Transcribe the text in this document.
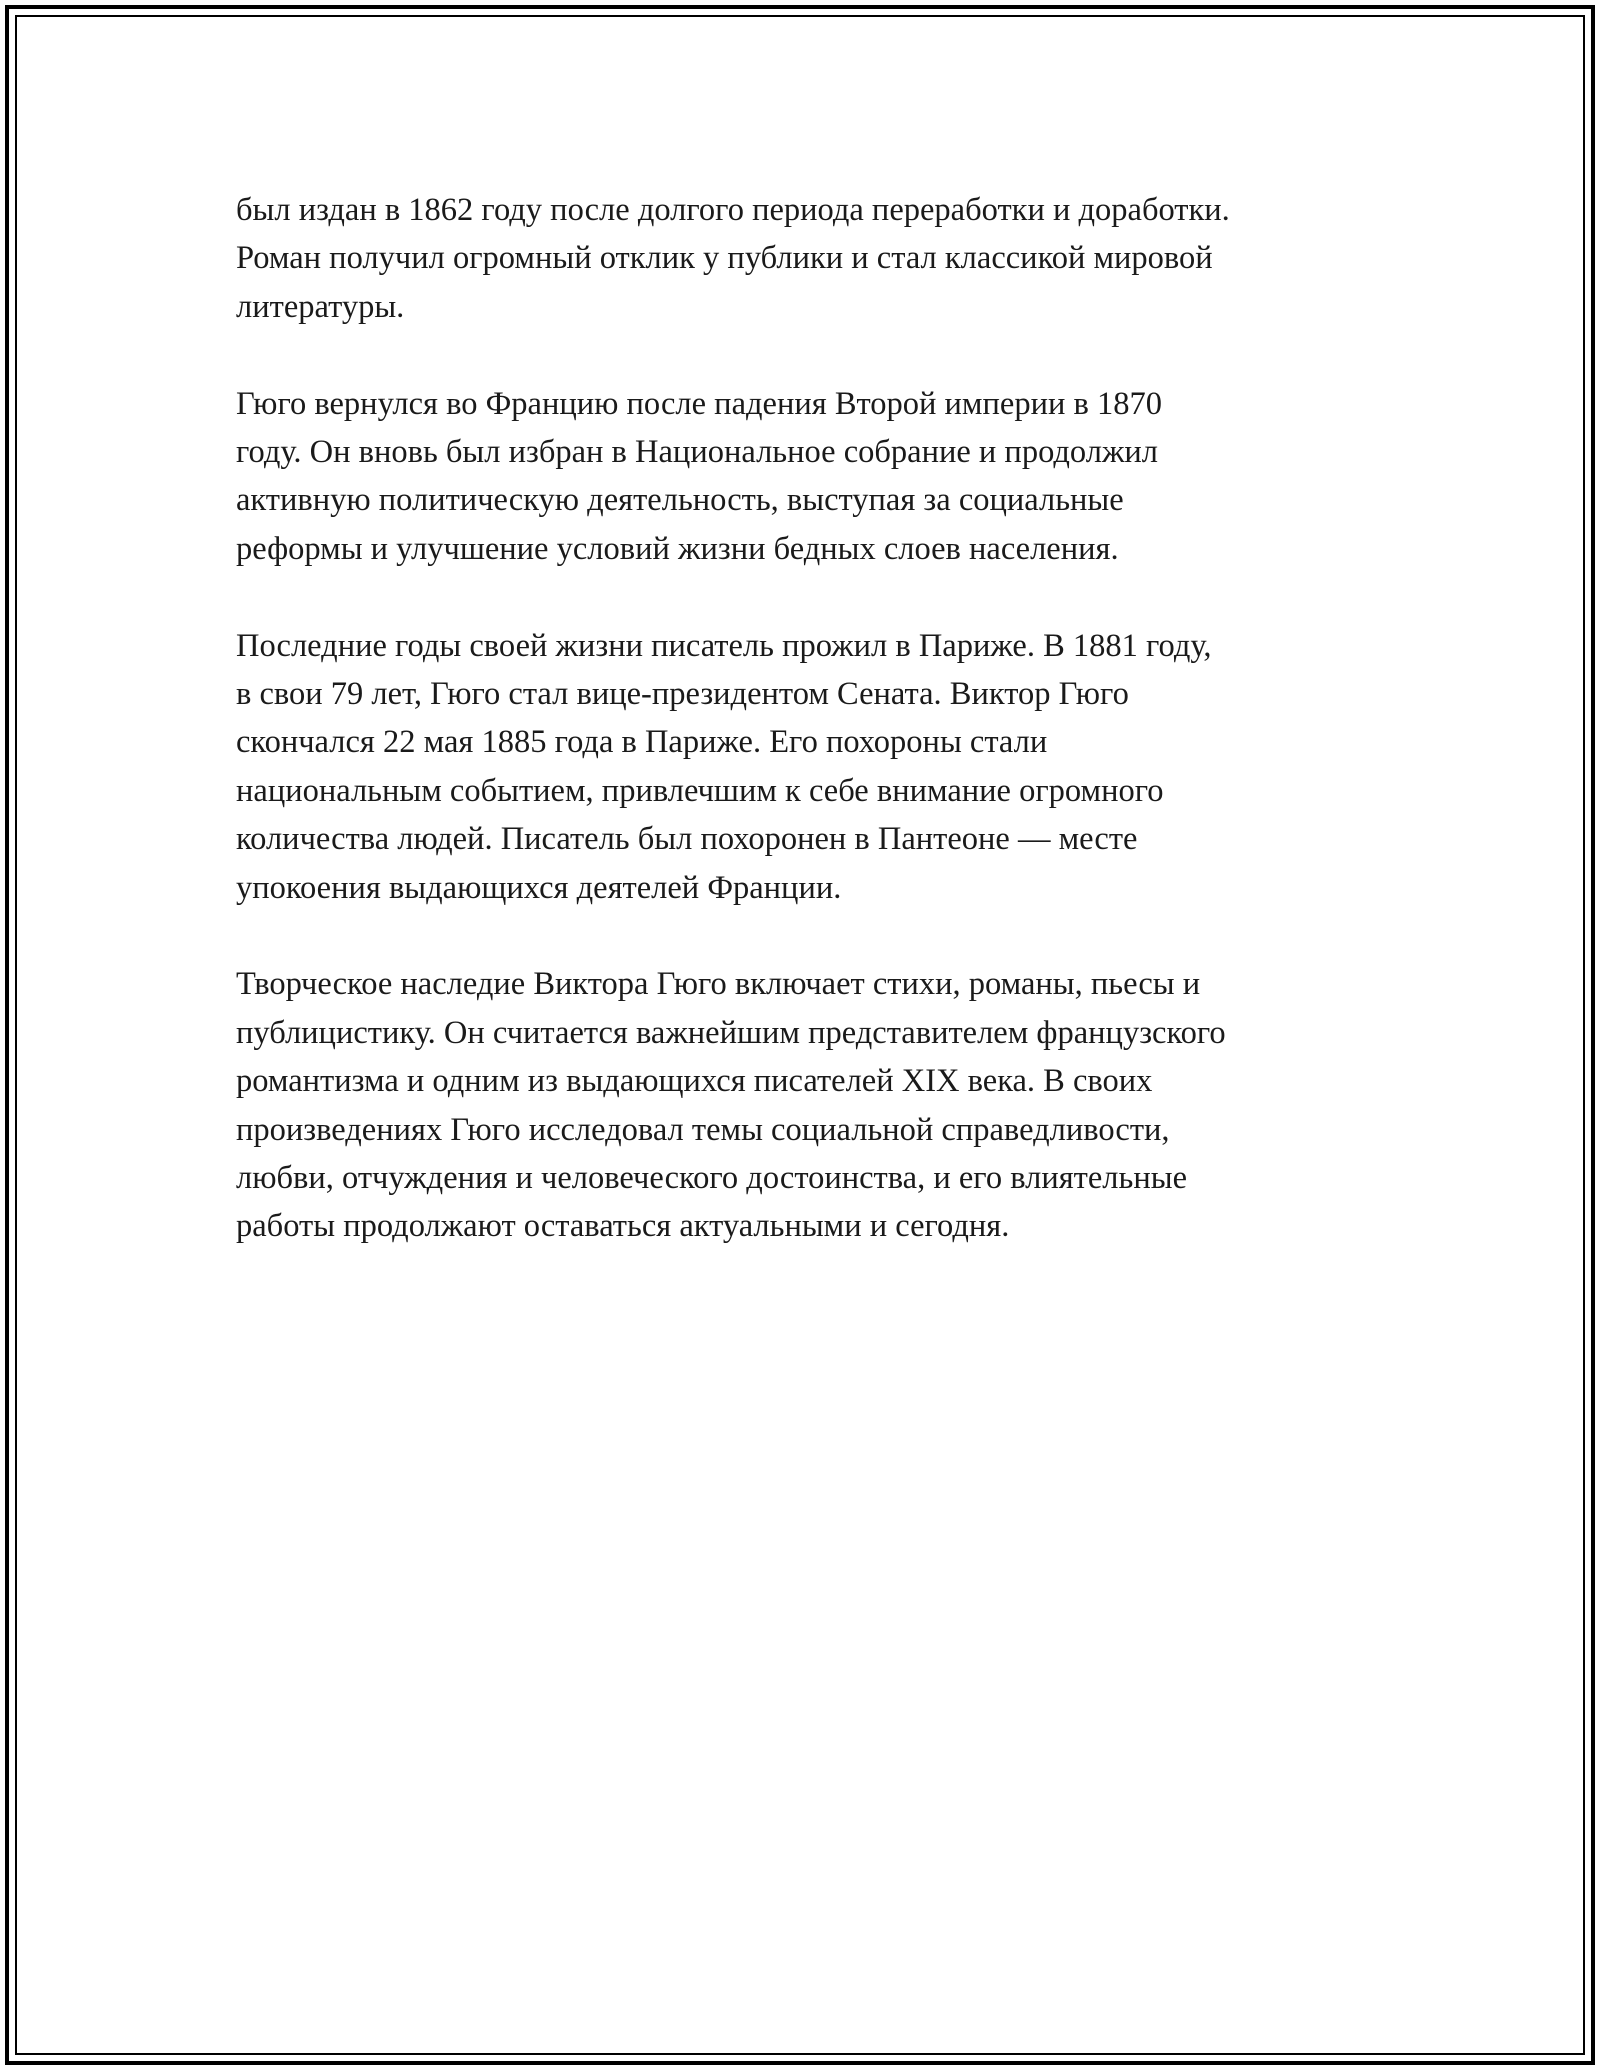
был издан в 1862 году после долгого периода переработки и доработки.
Роман получил огромный отклик у публики и стал классикой мировой
литературы.

Гюго вернулся во Францию после падения Второй империи в 1870
году. Он вновь был избран в Национальное собрание и продолжил
активную политическую деятельность, выступая за социальные
реформы и улучшение условий жизни бедных слоев населения.

Последние годы своей жизни писатель прожил в Париже. В 1881 году,
в свои 79 лет, Гюго стал вице-президентом Сената. Виктор Гюго
скончался 22 мая 1885 года в Париже. Его похороны стали
национальным событием, привлечшим к себе внимание огромного
количества людей. Писатель был похоронен в Пантеоне — месте
упокоения выдающихся деятелей Франции.

Творческое наследие Виктора Гюго включает стихи, романы, пьесы и
публицистику. Он считается важнейшим представителем французского
романтизма и одним из выдающихся писателей XIX века. В своих
произведениях Гюго исследовал темы социальной справедливости,
любви, отчуждения и человеческого достоинства, и его влиятельные
работы продолжают оставаться актуальными и сегодня.
